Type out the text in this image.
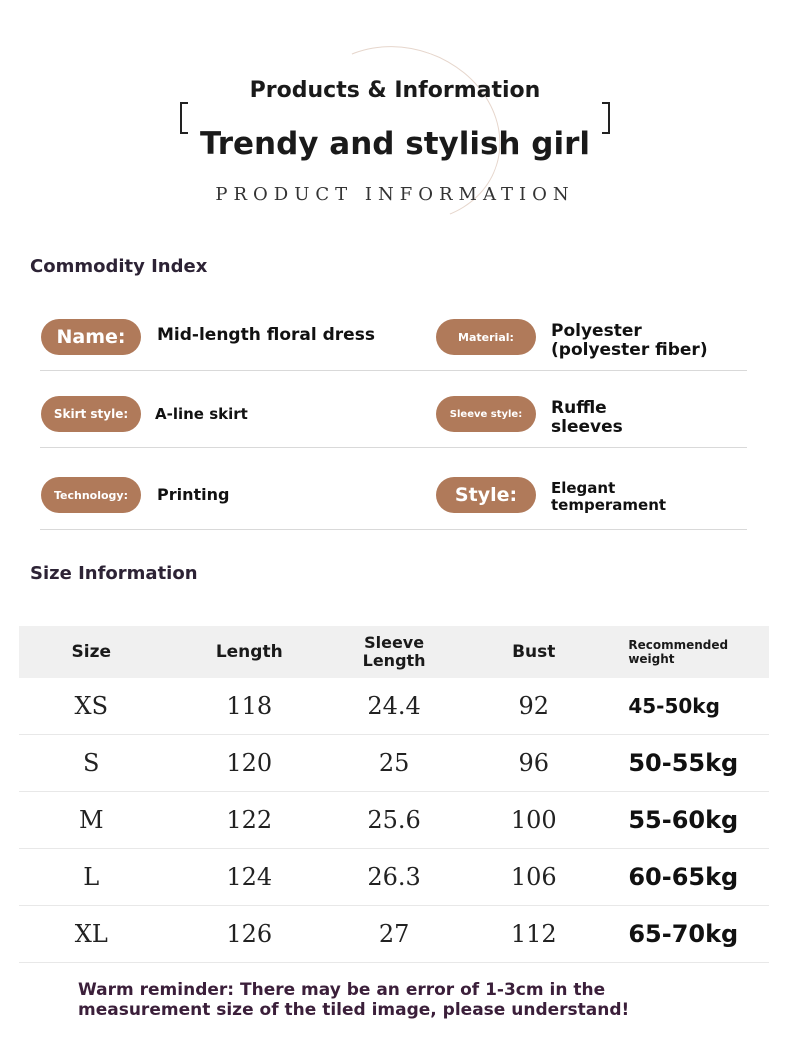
Products & Information
Trendy and stylish girl
PRODUCT INFORMATION
Commodity Index
Name:	Mid-length floral dress	Material:	Polyester (polyester fiber)
Skirt style:	A-line skirt	Sleeve style:	Ruffle sleeves
Technology:	Printing	Style:	Elegant temperament
Size Information
Size	Length	Sleeve Length	Bust	Recommended weight
XS	118	24.4	92	45-50kg
S	120	25	96	50-55kg
M	122	25.6	100	55-60kg
L	124	26.3	106	60-65kg
XL	126	27	112	65-70kg
Warm reminder: There may be an error of 1-3cm in the measurement size of the tiled image, please understand!
